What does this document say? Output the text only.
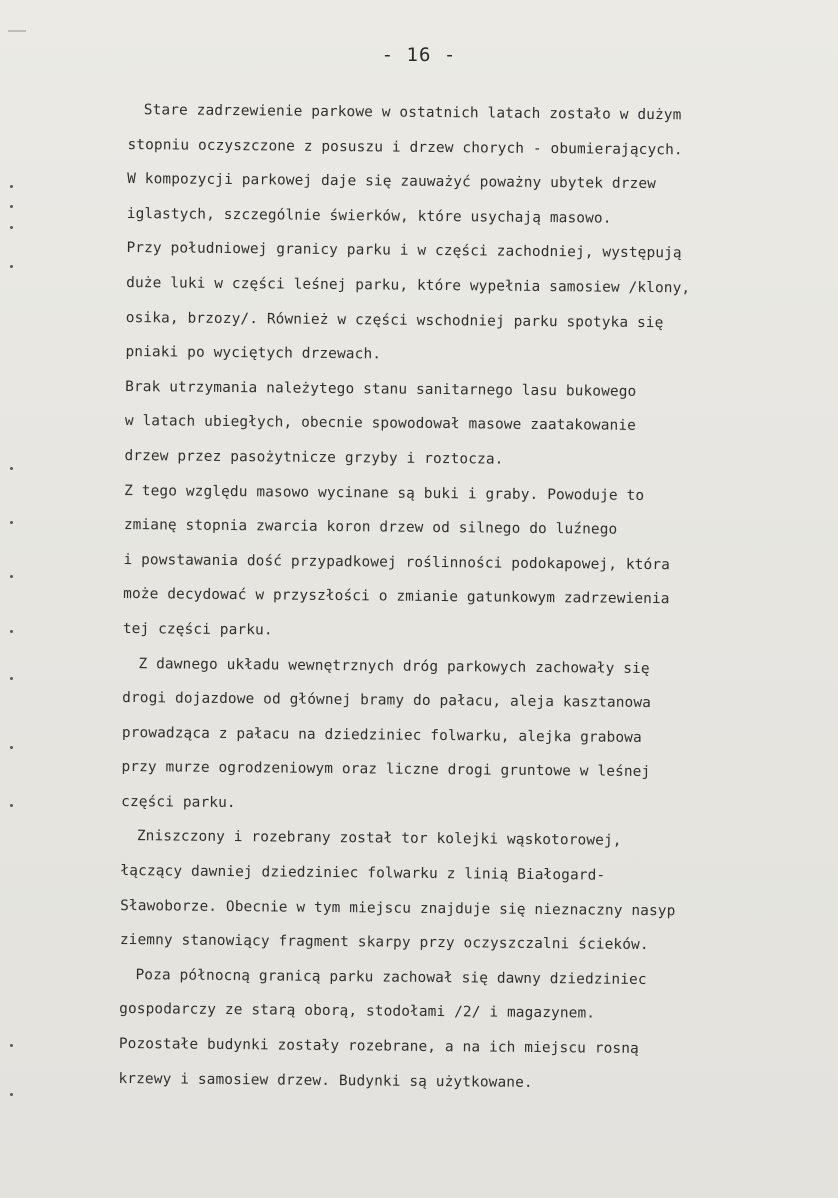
- 16 -
Stare zadrzewienie parkowe w ostatnich latach zostało w dużym
stopniu oczyszczone z posuszu i drzew chorych - obumierających.
W kompozycji parkowej daje się zauważyć poważny ubytek drzew
iglastych, szczególnie świerków, które usychają masowo.
Przy południowej granicy parku i w części zachodniej, występują
duże luki w części leśnej parku, które wypełnia samosiew /klony,
osika, brzozy/. Również w części wschodniej parku spotyka się
pniaki po wyciętych drzewach.
Brak utrzymania należytego stanu sanitarnego lasu bukowego
w latach ubiegłych, obecnie spowodował masowe zaatakowanie
drzew przez pasożytnicze grzyby i roztocza.
Z tego względu masowo wycinane są buki i graby. Powoduje to
zmianę stopnia zwarcia koron drzew od silnego do luźnego
i powstawania dość przypadkowej roślinności podokapowej, która
może decydować w przyszłości o zmianie gatunkowym zadrzewienia
tej części parku.
Z dawnego układu wewnętrznych dróg parkowych zachowały się
drogi dojazdowe od głównej bramy do pałacu, aleja kasztanowa
prowadząca z pałacu na dziedziniec folwarku, alejka grabowa
przy murze ogrodzeniowym oraz liczne drogi gruntowe w leśnej
części parku.
Zniszczony i rozebrany został tor kolejki wąskotorowej,
łączący dawniej dziedziniec folwarku z linią Białogard-
Sławoborze. Obecnie w tym miejscu znajduje się nieznaczny nasyp
ziemny stanowiący fragment skarpy przy oczyszczalni ścieków.
Poza północną granicą parku zachował się dawny dziedziniec
gospodarczy ze starą oborą, stodołami /2/ i magazynem.
Pozostałe budynki zostały rozebrane, a na ich miejscu rosną
krzewy i samosiew drzew. Budynki są użytkowane.
